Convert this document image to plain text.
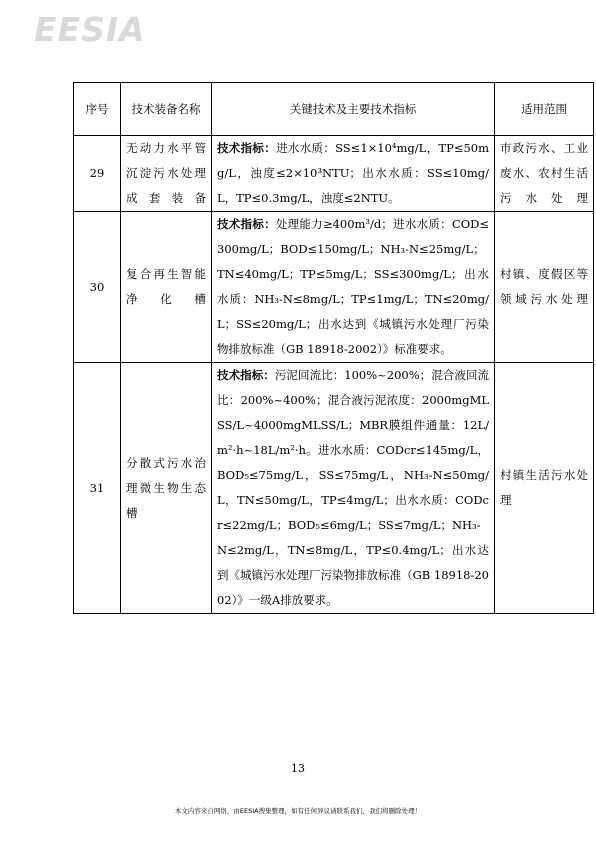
EESIA
序号	技术装备名称	关键技术及主要技术指标	适用范围
29	无动力水平管沉淀污水处理成套装备	技术指标：进水水质：SS≤1×10⁴mg/L，TP≤50mg/L，浊度≤2×10³NTU；出水水质：SS≤10mg/L，TP≤0.3mg/L，浊度≤2NTU。	市政污水、工业废水、农村生活污水处理
30	复合再生智能净化槽	技术指标：处理能力≥400m³/d；进水水质：COD≤300mg/L；BOD≤150mg/L；NH₃-N≤25mg/L；TN≤40mg/L；TP≤5mg/L；SS≤300mg/L；出水水质：NH₃-N≤8mg/L；TP≤1mg/L；TN≤20mg/L；SS≤20mg/L；出水达到《城镇污水处理厂污染物排放标准（GB 18918-2002）》标准要求。	村镇、度假区等领域污水处理
31	分散式污水治理微生物生态槽	技术指标：污泥回流比：100%~200%；混合液回流比：200%~400%；混合液污泥浓度：2000mgMLSS/L~4000mgMLSS/L；MBR膜组件通量：12L/m²·h~18L/m²·h。进水水质：CODcr≤145mg/L，BOD₅≤75mg/L，SS≤75mg/L，NH₃-N≤50mg/L，TN≤50mg/L，TP≤4mg/L；出水水质：CODcr≤22mg/L；BOD₅≤6mg/L；SS≤7mg/L；NH₃-N≤2mg/L，TN≤8mg/L，TP≤0.4mg/L；出水达到《城镇污水处理厂污染物排放标准（GB 18918-2002）》一级A排放要求。	村镇生活污水处理
13
本文内容来自网络，由EESIA搜集整理，如有任何异议请联系我们，我们将删除处理！
